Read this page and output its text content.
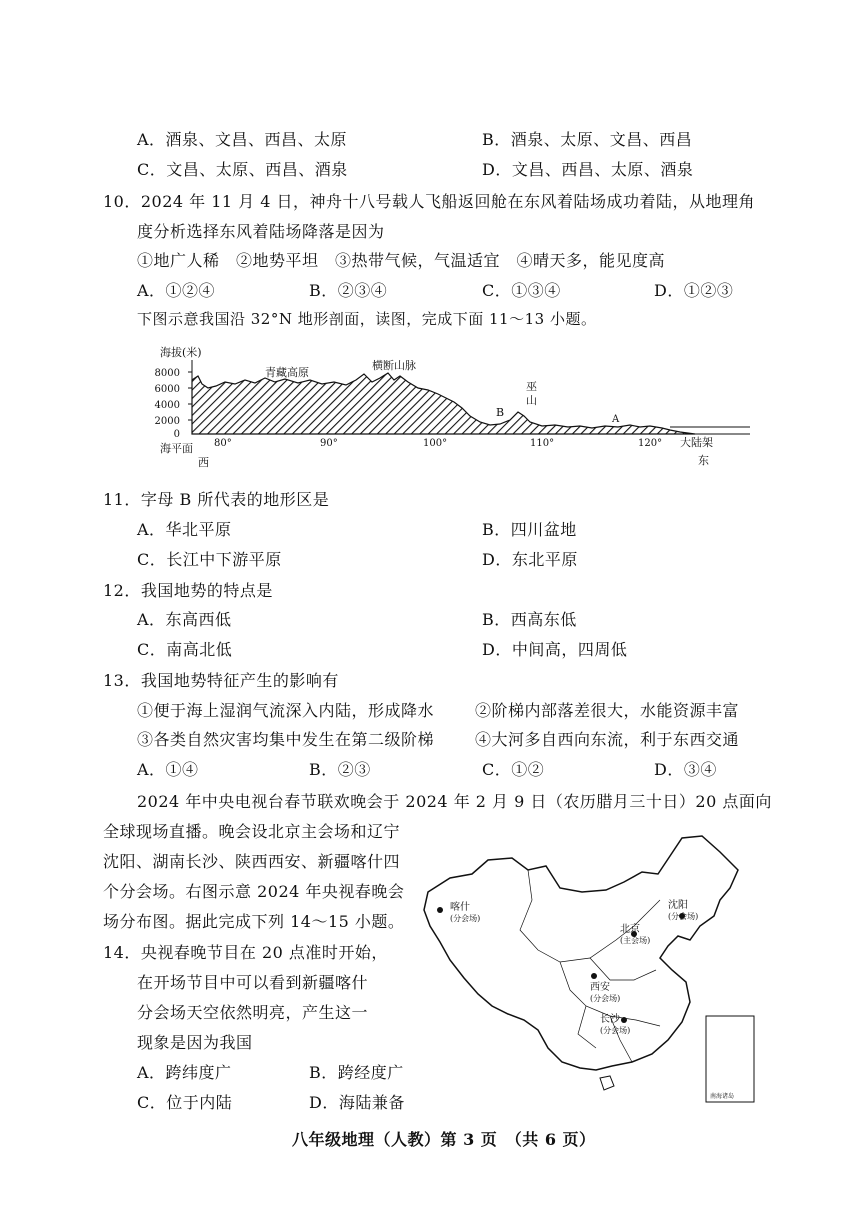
A．酒泉、文昌、西昌、太原	B．酒泉、太原、文昌、西昌
C．文昌、太原、西昌、酒泉	D．文昌、西昌、太原、酒泉
10．2024 年 11 月 4 日，神舟十八号载人飞船返回舱在东风着陆场成功着陆，从地理角
度分析选择东风着陆场降落是因为
①地广人稀　②地势平坦　③热带气候，气温适宜　④晴天多，能见度高
A．①②④	B．②③④	C．①③④	D．①②③
下图示意我国沿 32°N 地形剖面，读图，完成下面 11～13 小题。
海拔(米)
8000
6000
4000
2000
0
海平面
青藏高原
横断山脉
巫
山
B
A
80°	90°	100°	110°	120° 大陆架
西	东
11．字母 B 所代表的地形区是
A．华北平原	B．四川盆地
C．长江中下游平原	D．东北平原
12．我国地势的特点是
A．东高西低	B．西高东低
C．南高北低	D．中间高，四周低
13．我国地势特征产生的影响有
①便于海上湿润气流深入内陆，形成降水	②阶梯内部落差很大，水能资源丰富
③各类自然灾害均集中发生在第二级阶梯	④大河多自西向东流，利于东西交通
A．①④	B．②③	C．①②	D．③④
2024 年中央电视台春节联欢晚会于 2024 年 2 月 9 日（农历腊月三十日）20 点面向
全球现场直播。晚会设北京主会场和辽宁
沈阳、湖南长沙、陕西西安、新疆喀什四
个分会场。右图示意 2024 年央视春晚会
场分布图。据此完成下列 14～15 小题。
14．央视春晚节目在 20 点准时开始，
在开场节目中可以看到新疆喀什
分会场天空依然明亮，产生这一
现象是因为我国
A．跨纬度广	B．跨经度广
C．位于内陆	D．海陆兼备	南海诸岛
喀什
(分会场)
北京
(主会场)
沈阳
(分会场)
西安
(分会场)
长沙
(分会场)
八年级地理（人教）第 3 页　（共 6 页）
